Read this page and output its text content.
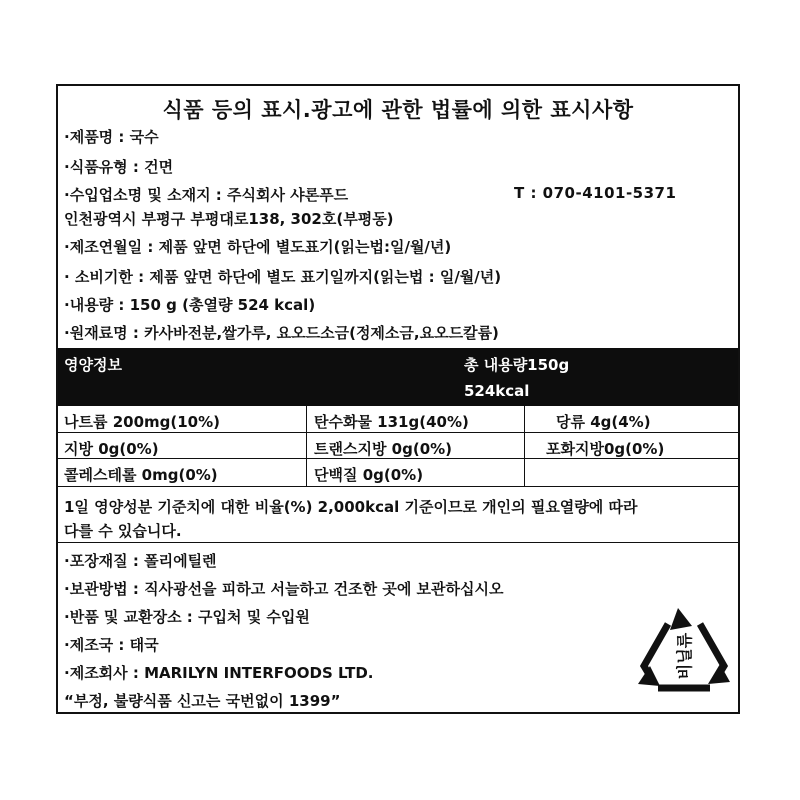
식품 등의 표시.광고에 관한 법률에 의한 표시사항
·제품명 : 국수
·식품유형 : 건면
·수입업소명 및 소재지 : 주식회사 샤론푸드	T : 070-4101-5371
인천광역시 부평구 부평대로138, 302호(부평동)
·제조연월일 : 제품 앞면 하단에 별도표기(읽는법:일/월/년)
· 소비기한 : 제품 앞면 하단에 별도 표기일까지(읽는법 : 일/월/년)
·내용량 : 150 g (총열량 524 kcal)
·원재료명 : 카사바전분,쌀가루, 요오드소금(정제소금,요오드칼륨)
영양정보	총 내용량150g
524kcal
나트륨 200mg(10%)	탄수화물 131g(40%)	당류 4g(4%)
지방 0g(0%)	트랜스지방 0g(0%)	포화지방0g(0%)
콜레스테롤 0mg(0%)	단백질 0g(0%)
1일 영양성분 기준치에 대한 비율(%) 2,000kcal 기준이므로 개인의 필요열량에 따라
다를 수 있습니다.
·포장재질 : 폴리에틸렌
·보관방법 : 직사광선을 피하고 서늘하고 건조한 곳에 보관하십시오
·반품 및 교환장소 : 구입처 및 수입원
·제조국 : 태국
·제조회사 : MARILYN INTERFOODS LTD.
“부정, 불량식품 신고는 국번없이 1399”
비닐류
